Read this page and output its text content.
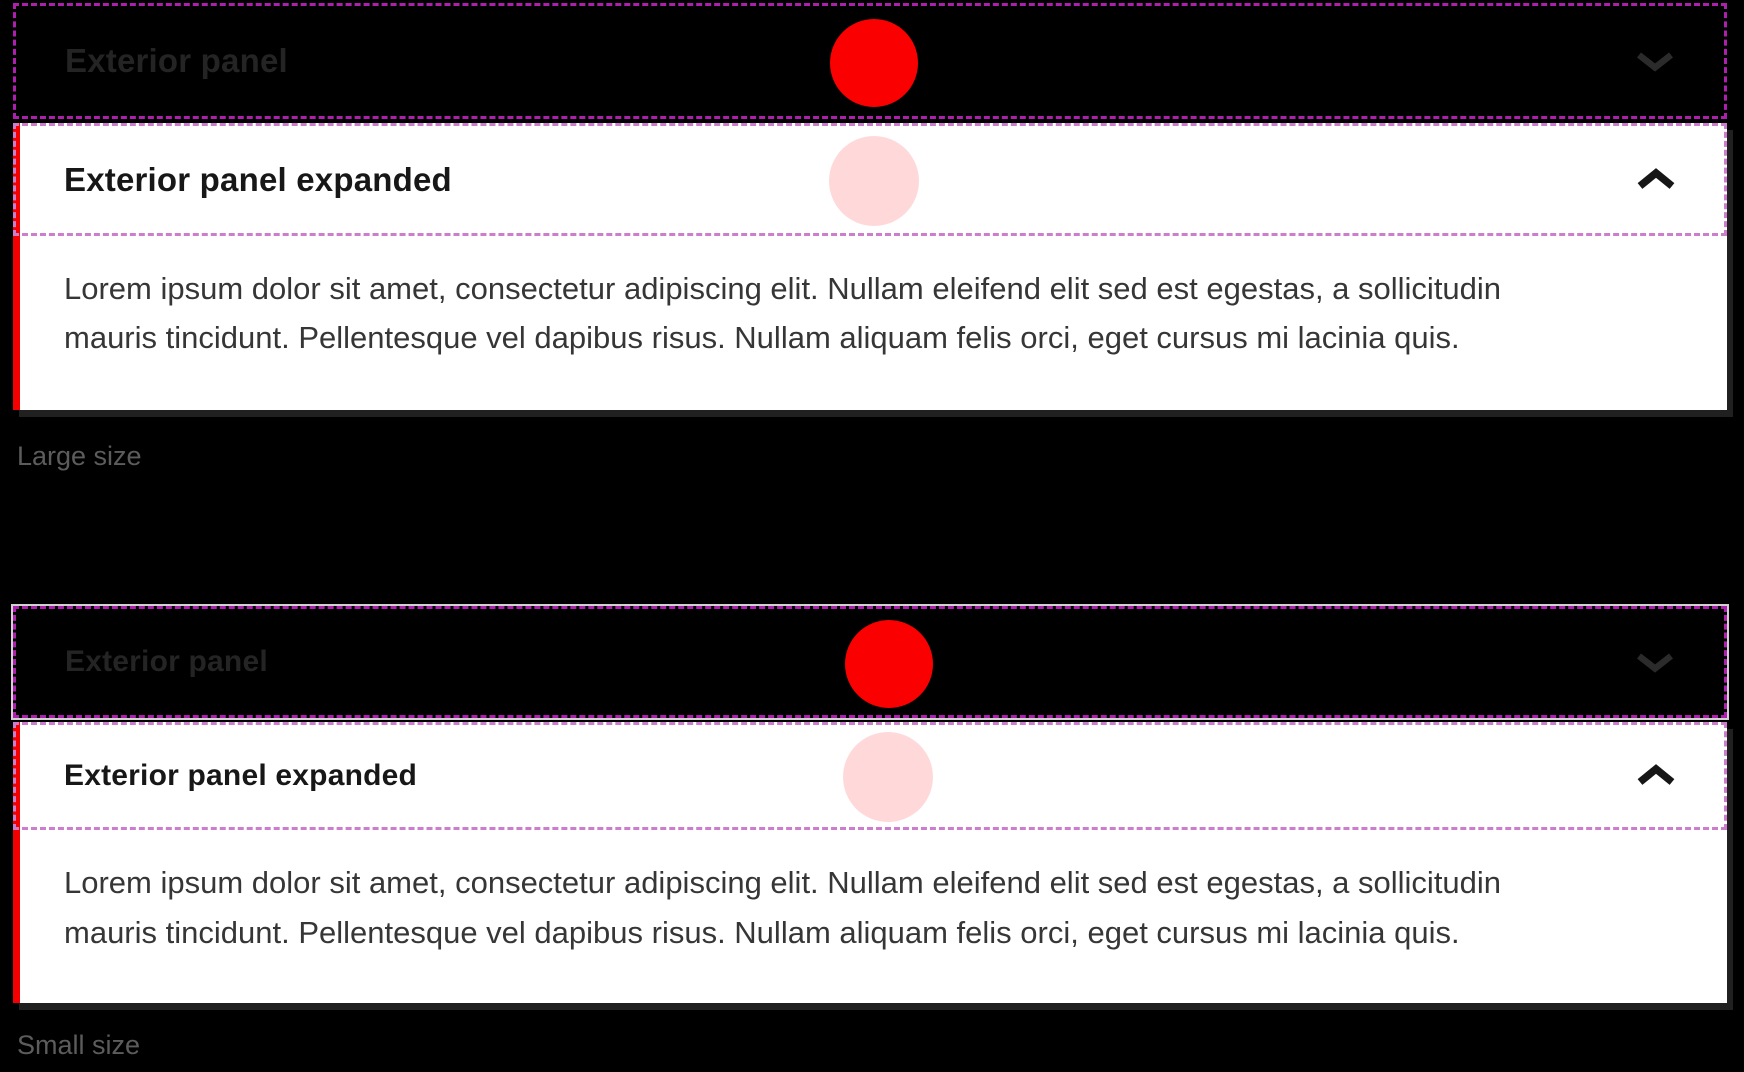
Exterior panel
Exterior panel expanded
Lorem ipsum dolor sit amet, consectetur adipiscing elit. Nullam eleifend elit sed est egestas, a sollicitudin
mauris tincidunt. Pellentesque vel dapibus risus. Nullam aliquam felis orci, eget cursus mi lacinia quis.
Large size
Exterior panel
Exterior panel expanded
Lorem ipsum dolor sit amet, consectetur adipiscing elit. Nullam eleifend elit sed est egestas, a sollicitudin
mauris tincidunt. Pellentesque vel dapibus risus. Nullam aliquam felis orci, eget cursus mi lacinia quis.
Small size
